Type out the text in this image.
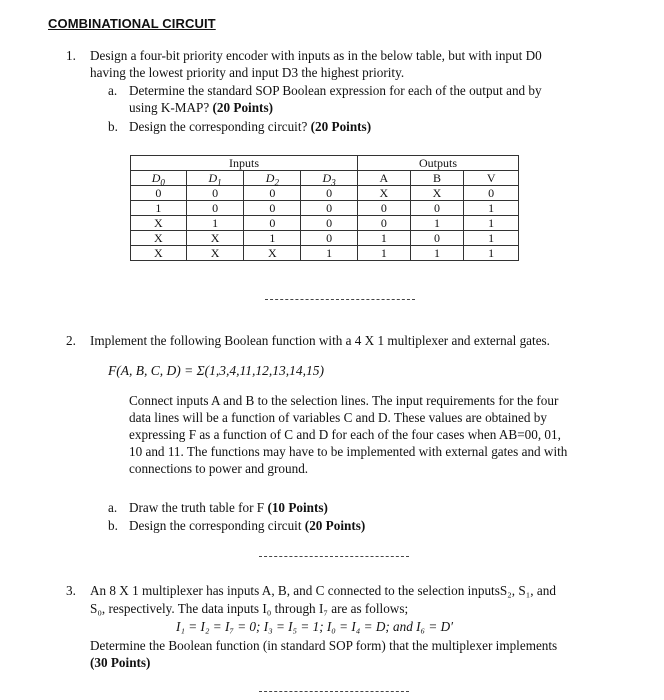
COMBINATIONAL CIRCUIT
1.	Design a four-bit priority encoder with inputs as in the below table, but with input D0
having the lowest priority and input D3 the highest priority.
a. Determine the standard SOP Boolean expression for each of the output and by
using K-MAP? (20 Points)
b. Design the corresponding circuit? (20 Points)
Inputs				Outputs		
$D_0$	$D_1$	$D_2$	$D_3$	A	B	V
0	0	0	0	X	X	0
1	0	0	0	0	0	1
X	1	0	0	0	1	1
X	X	1	0	1	0	1
X	X	X	1	1	1	1
2.	Implement the following Boolean function with a 4 X 1 multiplexer and external gates.
F(A, B, C, D) = Σ(1,3,4,11,12,13,14,15)
Connect inputs A and B to the selection lines. The input requirements for the four
data lines will be a function of variables C and D. These values are obtained by
expressing F as a function of C and D for each of the four cases when AB=00, 01,
10 and 11. The functions may have to be implemented with external gates and with
connections to power and ground.
a. Draw the truth table for F (10 Points)
b. Design the corresponding circuit (20 Points)
3.	An 8 X 1 multiplexer has inputs A, B, and C connected to the selection inputsS₂, S₁, and
S₀, respectively. The data inputs I₀ through I₇ are as follows;
I₁ = I₂ = I₇ = 0; I₃ = I₅ = 1; I₀ = I₄ = D; and I₆ = D′
Determine the Boolean function (in standard SOP form) that the multiplexer implements
(30 Points)
